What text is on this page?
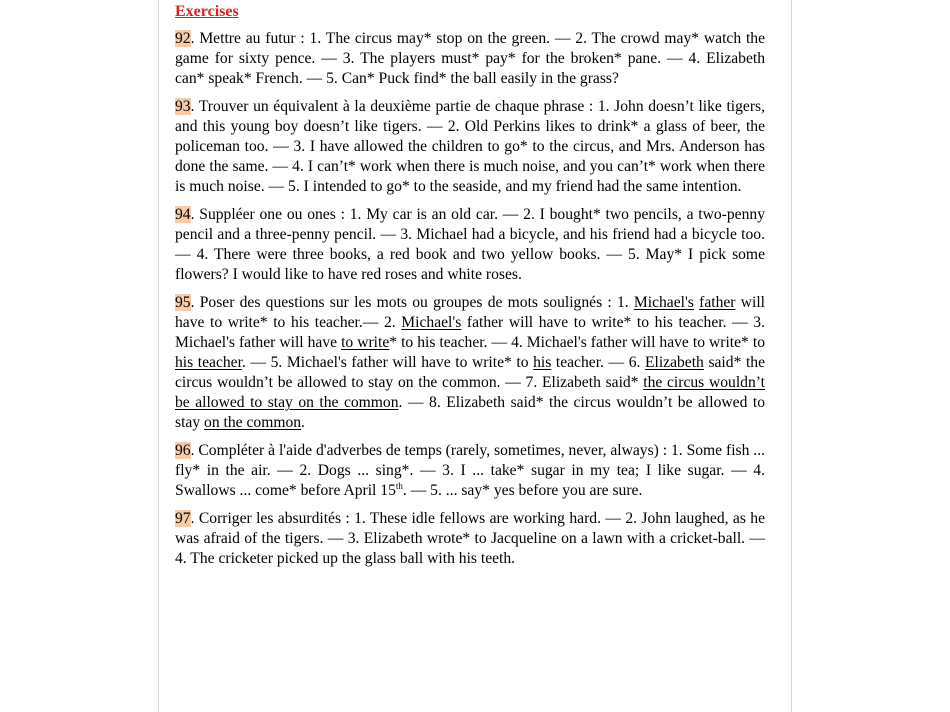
Exercises

92. Mettre au futur : 1. The circus may* stop on the green. — 2. The crowd may* watch the game for sixty pence. — 3. The players must* pay* for the broken* pane. — 4. Elizabeth can* speak* French. — 5. Can* Puck find* the ball easily in the grass?

93. Trouver un équivalent à la deuxième partie de chaque phrase : 1. John doesn’t like tigers, and this young boy doesn’t like tigers. — 2. Old Perkins likes to drink* a glass of beer, the policeman too. — 3. I have allowed the children to go* to the circus, and Mrs. Anderson has done the same. — 4. I can’t* work when there is much noise, and you can’t* work when there is much noise. — 5. I intended to go* to the seaside, and my friend had the same intention.

94. Suppléer one ou ones : 1. My car is an old car. — 2. I bought* two pencils, a two-penny pencil and a three-penny pencil. — 3. Michael had a bicycle, and his friend had a bicycle too. — 4. There were three books, a red book and two yellow books. — 5. May* I pick some flowers? I would like to have red roses and white roses.

95. Poser des questions sur les mots ou groupes de mots soulignés : 1. Michael's father will have to write* to his teacher.— 2. Michael's father will have to write* to his teacher. — 3. Michael's father will have to write* to his teacher. — 4. Michael's father will have to write* to his teacher. — 5. Michael's father will have to write* to his teacher. — 6. Elizabeth said* the circus wouldn’t be allowed to stay on the common. — 7. Elizabeth said* the circus wouldn’t be allowed to stay on the common. — 8. Elizabeth said* the circus wouldn’t be allowed to stay on the common.

96. Compléter à l'aide d'adverbes de temps (rarely, sometimes, never, always) : 1. Some fish ... fly* in the air. — 2. Dogs ... sing*. — 3. I ... take* sugar in my tea; I like sugar. — 4. Swallows ... come* before April 15th. — 5. ... say* yes before you are sure.

97. Corriger les absurdités : 1. These idle fellows are working hard. — 2. John laughed, as he was afraid of the tigers. — 3. Elizabeth wrote* to Jacqueline on a lawn with a cricket-ball. — 4. The cricketer picked up the glass ball with his teeth.
